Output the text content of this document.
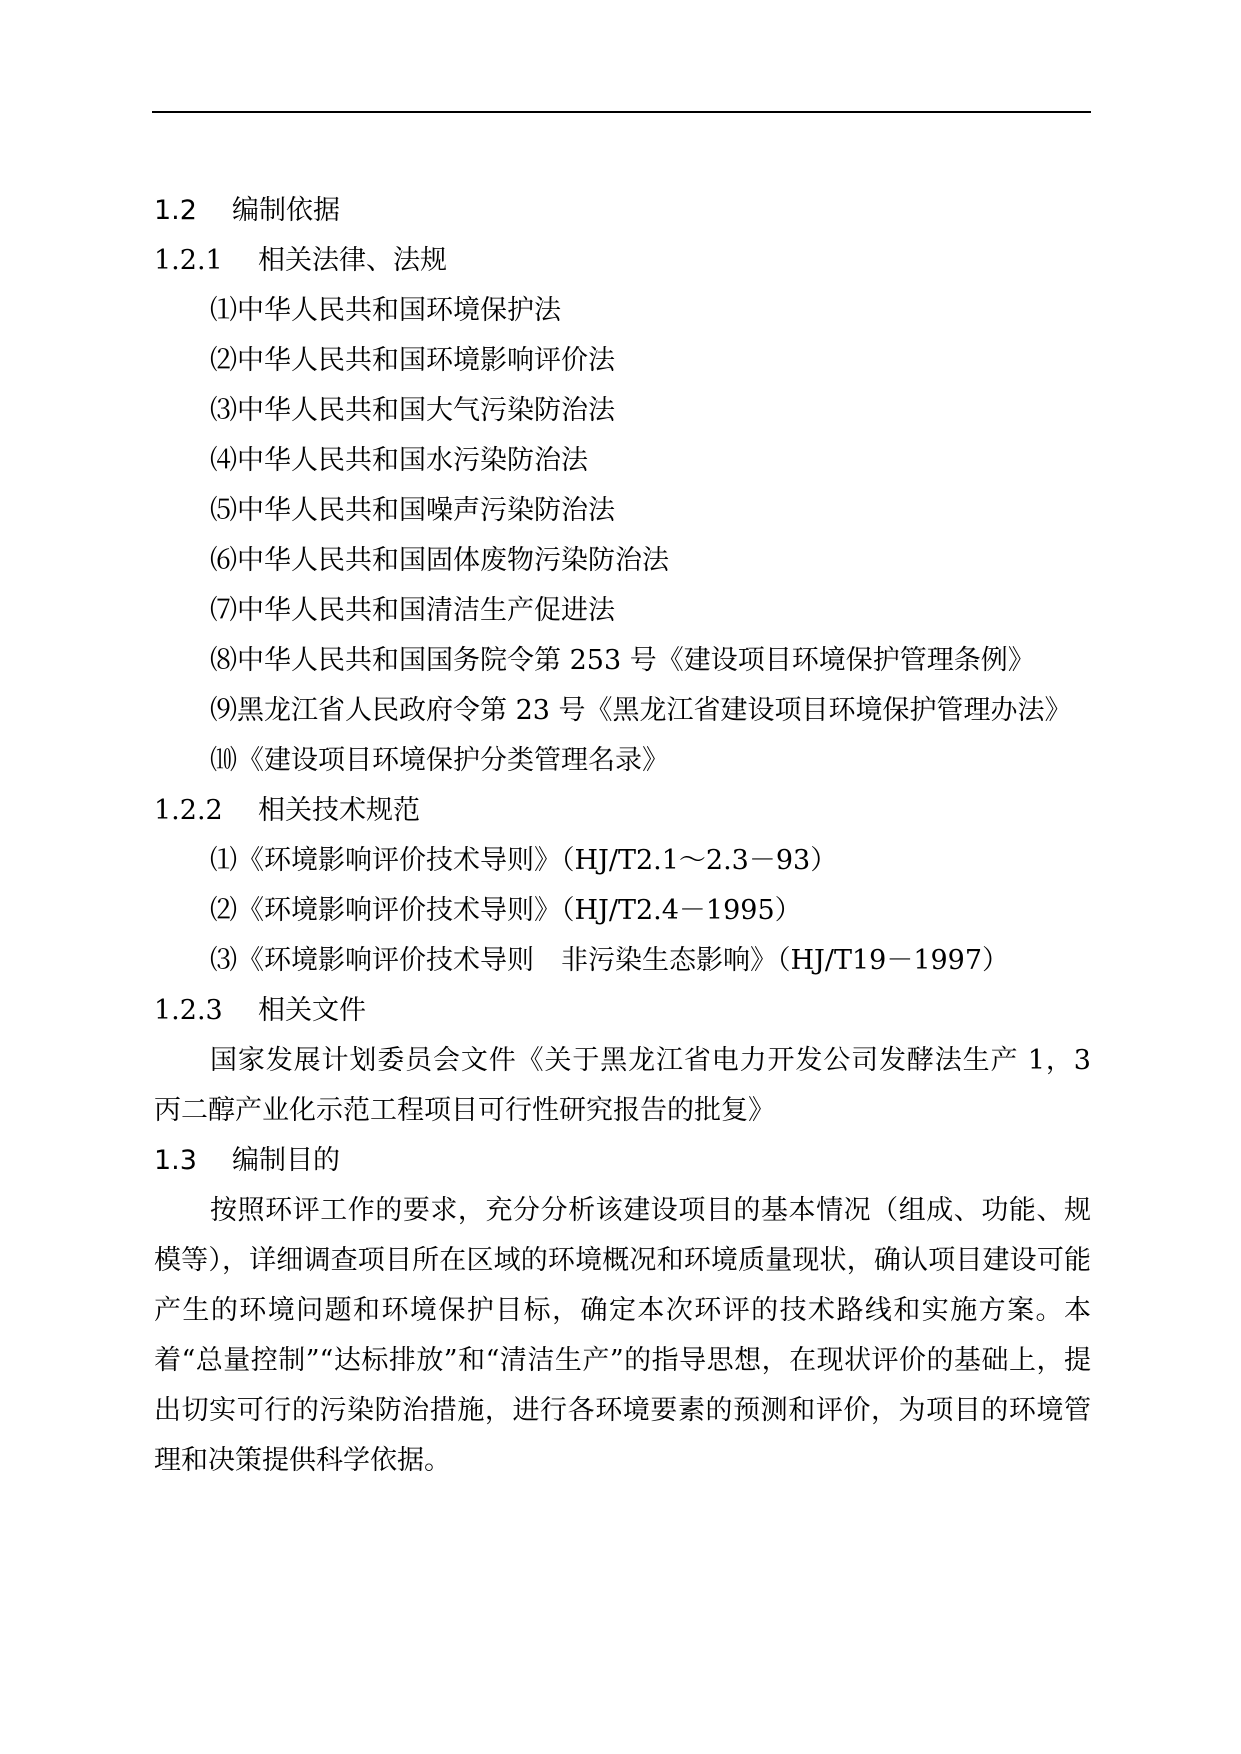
1.2 编制依据
1.2.1 相关法律、法规
⑴中华人民共和国环境保护法
⑵中华人民共和国环境影响评价法
⑶中华人民共和国大气污染防治法
⑷中华人民共和国水污染防治法
⑸中华人民共和国噪声污染防治法
⑹中华人民共和国固体废物污染防治法
⑺中华人民共和国清洁生产促进法
⑻中华人民共和国国务院令第 253 号《建设项目环境保护管理条例》
⑼黑龙江省人民政府令第 23 号《黑龙江省建设项目环境保护管理办法》
⑽《建设项目环境保护分类管理名录》
1.2.2 相关技术规范
⑴《环境影响评价技术导则》（HJ/T2.1～2.3－93）
⑵《环境影响评价技术导则》（HJ/T2.4－1995）
⑶《环境影响评价技术导则　非污染生态影响》（HJ/T19－1997）
1.2.3 相关文件
国家发展计划委员会文件《关于黑龙江省电力开发公司发酵法生产 1，3 丙二醇产业化示范工程项目可行性研究报告的批复》
1.3 编制目的
按照环评工作的要求，充分分析该建设项目的基本情况（组成、功能、规模等），详细调查项目所在区域的环境概况和环境质量现状，确认项目建设可能产生的环境问题和环境保护目标，确定本次环评的技术路线和实施方案。本着“总量控制”“达标排放”和“清洁生产”的指导思想，在现状评价的基础上，提出切实可行的污染防治措施，进行各环境要素的预测和评价，为项目的环境管理和决策提供科学依据。
